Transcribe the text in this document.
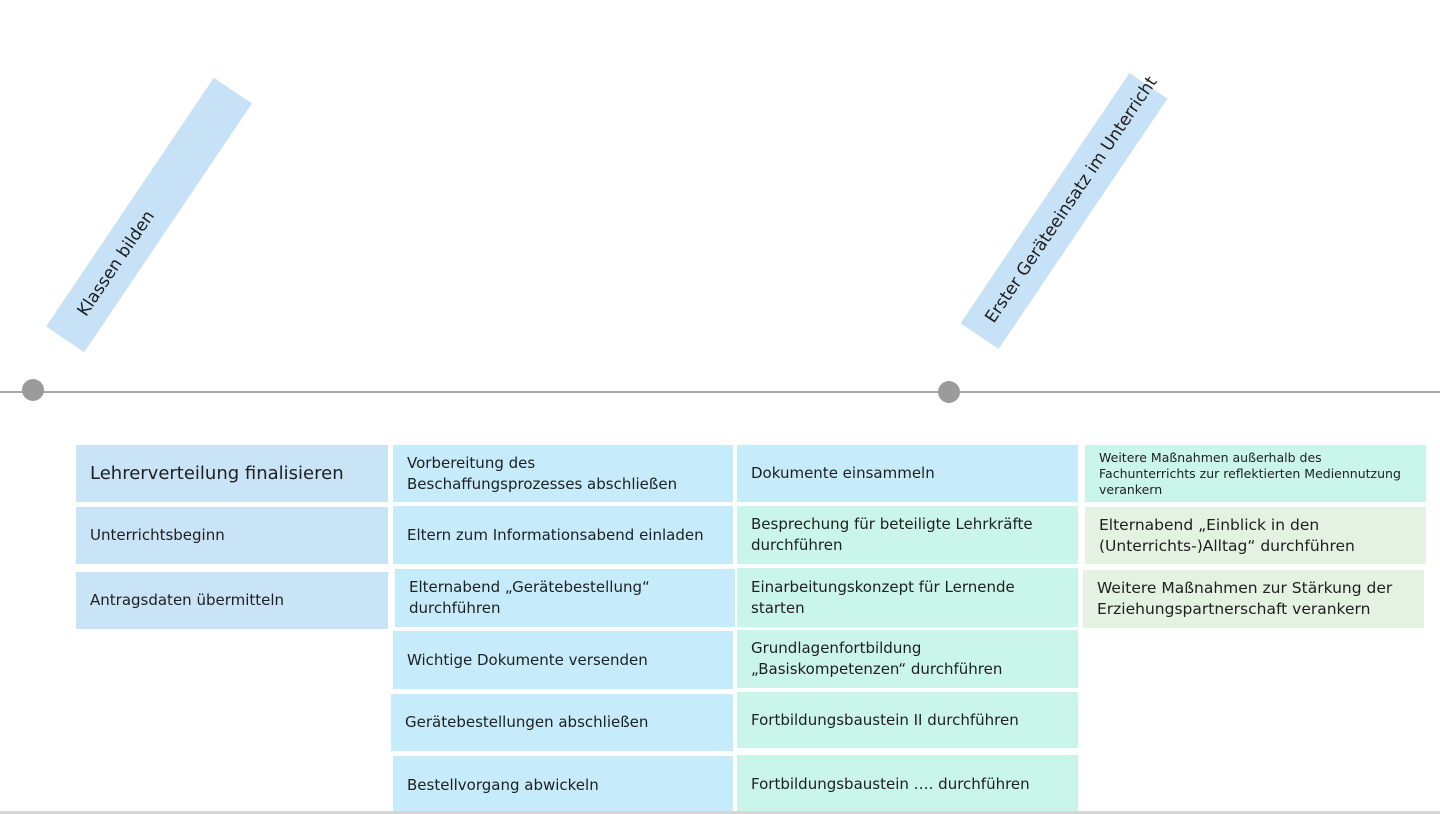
Klassen bilden	Erster Geräteeinsatz im Unterricht
Lehrerverteilung finalisieren
Unterrichtsbeginn
Antragsdaten übermitteln
Vorbereitung des
Beschaffungsprozesses abschließen
Eltern zum Informationsabend einladen
Elternabend „Gerätebestellung“
durchführen
Wichtige Dokumente versenden
Gerätebestellungen abschließen
Bestellvorgang abwickeln
Dokumente einsammeln
Besprechung für beteiligte Lehrkräfte
durchführen
Einarbeitungskonzept für Lernende
starten
Grundlagenfortbildung
„Basiskompetenzen“ durchführen
Fortbildungsbaustein II durchführen
Fortbildungsbaustein …. durchführen
Weitere Maßnahmen außerhalb des
Fachunterrichts zur reflektierten Mediennutzung
verankern
Elternabend „Einblick in den
(Unterrichts-)Alltag“ durchführen
Weitere Maßnahmen zur Stärkung der
Erziehungspartnerschaft verankern
